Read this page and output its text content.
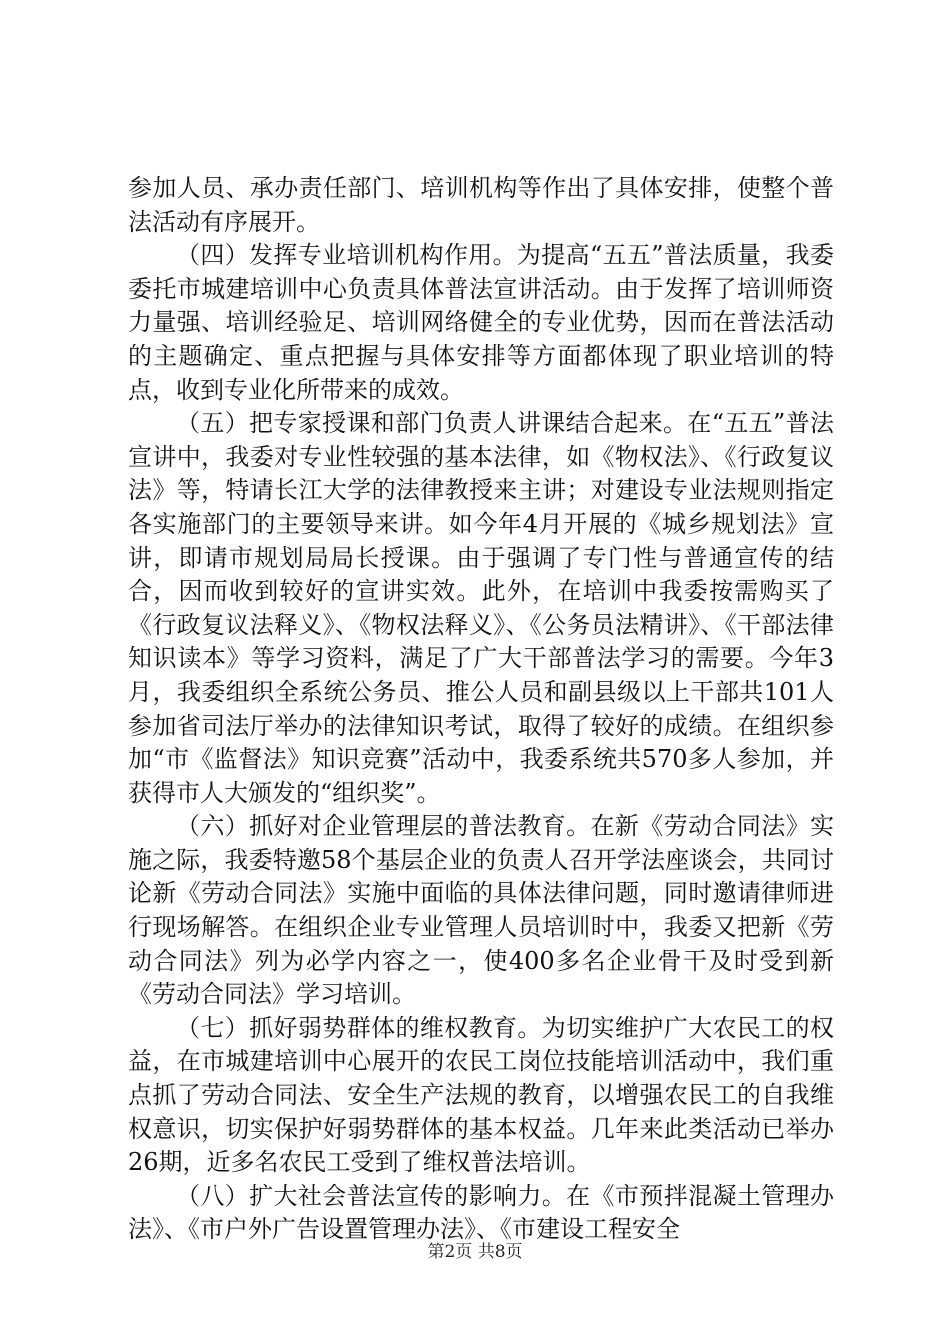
参加人员、承办责任部门、培训机构等作出了具体安排，使整个普法活动有序展开。

（四）发挥专业培训机构作用。为提高“五五”普法质量，我委委托市城建培训中心负责具体普法宣讲活动。由于发挥了培训师资力量强、培训经验足、培训网络健全的专业优势，因而在普法活动的主题确定、重点把握与具体安排等方面都体现了职业培训的特点，收到专业化所带来的成效。

（五）把专家授课和部门负责人讲课结合起来。在“五五”普法宣讲中，我委对专业性较强的基本法律，如《物权法》、《行政复议法》等，特请长江大学的法律教授来主讲；对建设专业法规则指定各实施部门的主要领导来讲。如今年4月开展的《城乡规划法》宣讲，即请市规划局局长授课。由于强调了专门性与普通宣传的结合，因而收到较好的宣讲实效。此外，在培训中我委按需购买了《行政复议法释义》、《物权法释义》、《公务员法精讲》、《干部法律知识读本》等学习资料，满足了广大干部普法学习的需要。今年3月，我委组织全系统公务员、推公人员和副县级以上干部共101人参加省司法厅举办的法律知识考试，取得了较好的成绩。在组织参加“市《监督法》知识竞赛”活动中，我委系统共570多人参加，并获得市人大颁发的“组织奖”。

（六）抓好对企业管理层的普法教育。在新《劳动合同法》实施之际，我委特邀58个基层企业的负责人召开学法座谈会，共同讨论新《劳动合同法》实施中面临的具体法律问题，同时邀请律师进行现场解答。在组织企业专业管理人员培训时中，我委又把新《劳动合同法》列为必学内容之一，使400多名企业骨干及时受到新《劳动合同法》学习培训。

（七）抓好弱势群体的维权教育。为切实维护广大农民工的权益，在市城建培训中心展开的农民工岗位技能培训活动中，我们重点抓了劳动合同法、安全生产法规的教育，以增强农民工的自我维权意识，切实保护好弱势群体的基本权益。几年来此类活动已举办26期，近多名农民工受到了维权普法培训。

（八）扩大社会普法宣传的影响力。在《市预拌混凝土管理办法》、《市户外广告设置管理办法》、《市建设工程安全

第2页 共8页
